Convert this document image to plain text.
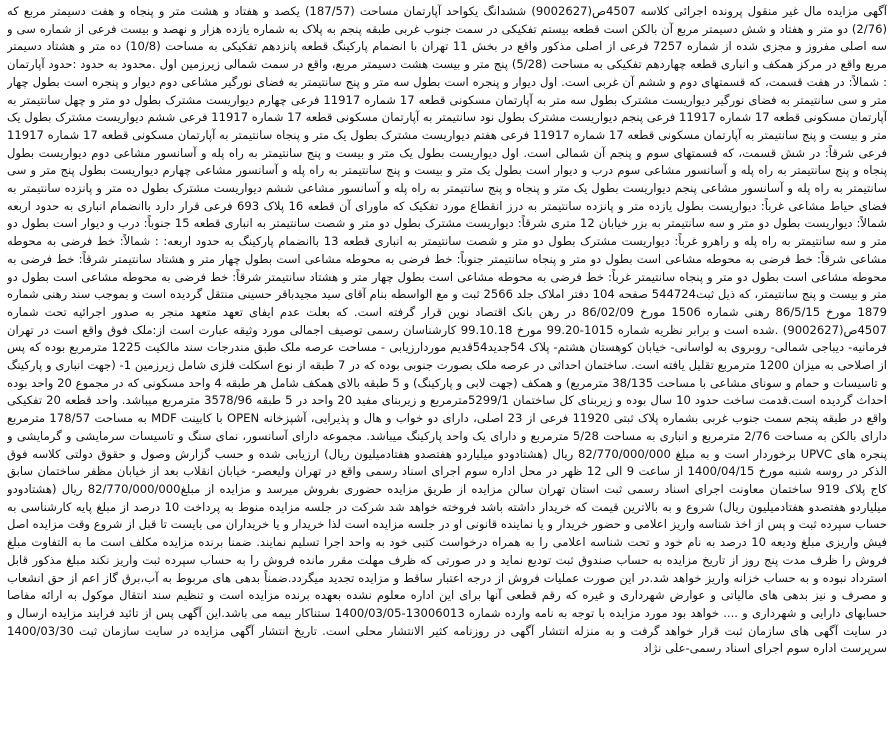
آگهی مزایده مال غیر منقول پرونده اجرائی کلاسه 4507ص(9002627) ششدانگ یکواحد آپارتمان مساحت (187/57) یکصد و هفتاد و هشت متر و پنجاه و هفت دسیمتر مربع که (2/76) دو متر و هفتاد و شش دسیمتر مربع آن بالکن است قطعه بیستم تفکیکی در سمت جنوب غربی طبقه پنجم به پلاک به شماره یازده هزار و نهصد و بیست فرعی از شماره سی و سه اصلی مفروز و مجزی شده از شماره 7257 فرعی از اصلی مذکور واقع در بخش 11 تهران با انضمام پارکینگ قطعه پانزدهم تفکیکی به مساحت (10/8) ده متر و هشتاد دسیمتر مربع واقع در مرکز همکف و انباری قطعه چهاردهم تفکیکی به مساحت (5/28) پنج متر و بیست هشت دسیمتر مربع، واقع در سمت شمالی زیرزمین اول .محدود به حدود :حدود آپارتمان : شمالاً: در هفت قسمت، که قسمتهای دوم و ششم آن غربی است. اول دیوار و پنجره است بطول سه متر و پنج سانتیمتر به فضای نورگیر مشاعی دوم دیوار و پنجره است بطول چهار متر و سی سانتیمتر به فضای نورگیر دیواریست مشترک بطول سه متر به آپارتمان مسکونی قطعه 17 شماره 11917 فرعی چهارم دیواریست مشترک بطول دو متر و چهل سانتیمتر به آپارتمان مسکونی قطعه 17 شماره 11917 فرعی پنجم دیواریست مشترک بطول نود سانتیمتر به آپارتمان مسکونی قطعه 17 شماره 11917 فرعی ششم دیواریست مشترک بطول یک متر و بیست و پنج سانتیمتر به آپارتمان مسکونی قطعه 17 شماره 11917 فرعی هفتم دیواریست مشترک بطول یک متر و پنجاه سانتیمتر به آپارتمان مسکونی قطعه 17 شماره 11917 فرعی شرقاً: در شش قسمت، که قسمتهای سوم و پنجم آن شمالی است. اول دیواریست بطول یک متر و بیست و پنج سانتیمتر به راه پله و آسانسور مشاعی دوم دیواریست بطول پنجاه و پنج سانتیمتر به راه پله و آسانسور مشاعی سوم درب و دیوار است بطول یک متر و بیست و پنج سانتیمتر به راه پله و آسانسور مشاعی چهارم دیواریست بطول پنج متر و سی سانتیمتر به راه پله و آسانسور مشاعی پنجم دیواریست بطول یک متر و پنجاه و پنج سانتیمتر به راه پله و آسانسور مشاعی ششم دیواریست مشترک بطول ده متر و پانزده سانتیمتر به فضای حیاط مشاعی غرباً: دیواریست بطول یازده متر و پانزده سانتیمتر به درز انقطاع مورد تفکیک که ماورای آن قطعه 16 پلاک 693 فرعی قرار دارد باانضمام انباری به حدود اربعه شمالاً: دیواریست بطول دو متر و سه سانتیمتر به بزر خیابان 12 متری شرقاً: دیواریست مشترک بطول دو متر و شصت سانتیمتر به انباری قطعه 15 جنوباً: درب و دیوار است بطول دو متر و سه سانتیمتر به راه پله و راهرو غرباً: دیواریست مشترک بطول دو متر و شصت سانتیمتر به انباری قطعه 13 باانضمام پارکینگ به حدود اربعه: : شمالاً: خط فرضی به محوطه مشاعی شرقاً: خط فرضی به محوطه مشاعی است بطول دو متر و پنجاه سانتیمتر جنوباً: خط فرضی به محوطه مشاعی است بطول چهار متر و هشتاد سانتیمتر شرقاً: خط فرضی به محوطه مشاعی است بطول دو متر و پنجاه سانتیمتر غرباً: خط فرضی به محوطه مشاعی است بطول چهار متر و هشتاد سانتیمتر شرقاً: خط فرضی به محوطه مشاعی است بطول دو متر و بیست و پنج سانتیمتر، که ذیل ثبت544724 صفحه 104 دفتر املاک جلد 2566 ثبت و مع الواسطه بنام آقای سید مجیدباقر حسینی منتقل گردیده است و بموجب سند رهنی شماره 1879 مورخ 86/5/15 رهنی شماره 1506 مورخ 86/02/09 در رهن بانک اقتصاد نوین قرار گرفته است. که بعلت عدم ایفای تعهد متعهد منجر به صدور اجرائیه تحت شماره 4507ص(9002627) .شده است و برابر نظریه شماره 1015-99.20 مورخ 99.10.18 کارشناسان رسمی توصیف اجمالی مورد وثیقه عبارت است از:ملک فوق واقع است در تهران فرمانیه- دیباجی شمالی- روبروی به لواسانی- خیابان کوهستان هشتم- پلاک 54جدید54قدیم موردارزیابی - مساحت عرصه ملک طبق مندرجات سند مالکیت 1225 مترمربع بوده که پس از اصلاحی به میزان 1200 مترمربع تقلیل یافته است. ساختمان احداثی در عرصه ملک بصورت جنوبی بوده که در 7 طبقه از نوع اسکلت فلزی شامل زیرزمین 1- (جهت انباری و پارکینگ و تاسیسات و حمام و سونای مشاعی با مساحت 38/135 مترمربع) و همکف (جهت لابی و پارکینگ) و 5 طبقه بالای همکف شامل هر طبقه 4 واحد مسکونی که در مجموع 20 واحد بوده احداث گردیده است.قدمت ساخت حدود 10 سال بوده و زیربنای کل ساختمان 5299/1مترمربع و زیربنای مفید 20 واحد در 5 طبقه 3578/96 مترمربع میباشد. واحد قطعه 20 تفکیکی واقع در طبقه پنجم سمت جنوب غربی بشماره پلاک ثبتی 11920 فرعی از 23 اصلی، دارای دو خواب و هال و پذیرایی، آشپزخانه OPEN با کابینت MDF به مساحت 178/57 مترمربع دارای بالکن به مساحت 2/76 مترمربع و انباری به مساحت 5/28 مترمربع و دارای یک واحد پارکینگ میباشد. مجموعه دارای آسانسور، نمای سنگ و تاسیسات سرمایشی و گرمایشی و پنجره های UPVC برخوردار است و به مبلغ 82/770/000/000 ریال (هشتادودو میلیاردو هفتصدو هفتادمیلیون ریال) ارزیابی شده و حسب گزارش وصول و حقوق دولتی کلاسه فوق الذکر در روسه شنبه مورخ 1400/04/15 از ساعت 9 الی 12 ظهر در محل اداره سوم اجرای اسناد رسمی واقع در تهران ولیعصر- خیابان انقلاب بعد از خیابان مظفر ساختمان سابق کاج پلاک 919 ساختمان معاونت اجرای اسناد رسمی ثبت استان تهران سالن مزایده از طریق مزایده حضوری بفروش میرسد و مزایده از مبلغ82/770/000/000 ریال (هشتادودو میلیاردو هفتصدو هفتادمیلیون ریال) شروع و به بالاترین قیمت که خریدار داشته باشد فروخته خواهد شد شرکت در جلسه مزایده منوط به پرداخت 10 درصد از مبلغ پایه کارشناسی به حساب سپرده ثبت و پس از اخذ شناسه واریز اعلامی و حضور خریدار و یا نماینده قانونی او در جلسه مزایده است لذا خریدار و یا خریداران می بایست تا قبل از شروع وقت مزایده اصل فیش واریزی مبلغ ودیعه 10 درصد به نام خود و تحت شناسه اعلامی را به همراه درخواست کتبی خود به واحد اجرا تسلیم نمایند. ضمنا برنده مزایده مکلف است ما به التفاوت مبلغ فروش را ظرف مدت پنج روز از تاریخ مزایده به حساب صندوق ثبت تودیع نماید و در صورتی که ظرف مهلت مقرر مانده فروش را به حساب سپرده ثبت واریز نکند مبلغ مذکور قابل استرداد نبوده و به حساب خزانه واریز خواهد شد.در این صورت عملیات فروش از درجه اعتبار ساقط و مزایده تجدید میگردد.ضمناً بدهی های مربوط به آب،برق گاز اعم از حق انشعاب و مصرف و نیز بدهی های مالیاتی و عوارض شهرداری و غیره که رقم قطعی آنها برای این اداره معلوم نشده بعهده برنده مزایده است و تنظیم سند انتقال موکول به ارائه مفاصا حسابهای دارایی و شهرداری و .... خواهد بود مورد مزایده با توجه به نامه وارده شماره 13006013-1400/03/05 ستناکار بیمه می باشد.این آگهی پس از تائید فرایند مزایده ارسال و در سایت آگهی های سازمان ثبت قرار خواهد گرفت و به منزله انتشار آگهی در روزنامه کثیر الانتشار محلی است. تاریخ انتشار آگهی مزایده در سایت سازمان ثبت 1400/03/30 سرپرست اداره سوم اجرای اسناد رسمی-علی نژاد
